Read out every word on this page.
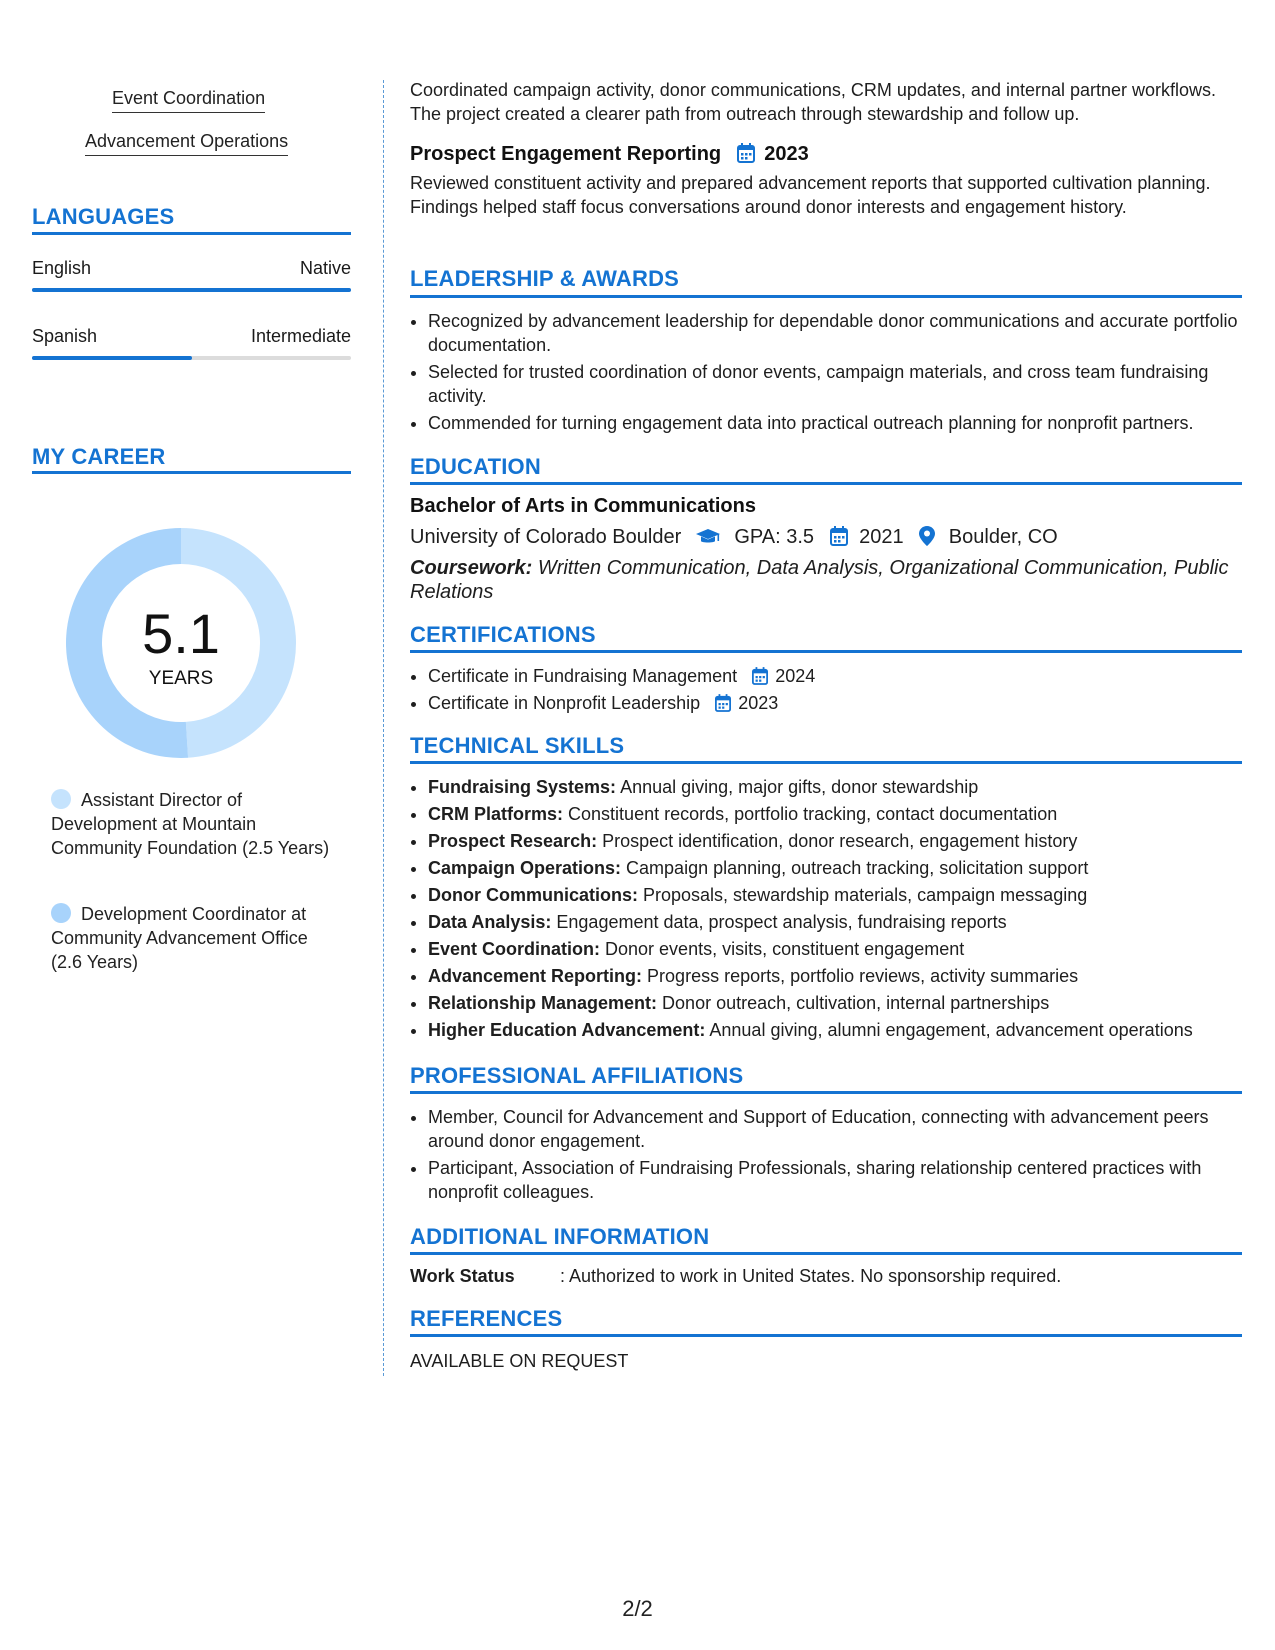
Event Coordination
Advancement Operations
LANGUAGES
English	Native
Spanish	Intermediate
MY CAREER
5.1
YEARS
Assistant Director of Development at Mountain Community Foundation (2.5 Years)
Development Coordinator at Community Advancement Office (2.6 Years)

Coordinated campaign activity, donor communications, CRM updates, and internal partner workflows. The project created a clearer path from outreach through stewardship and follow up.

Prospect Engagement Reporting 2023

Reviewed constituent activity and prepared advancement reports that supported cultivation planning. Findings helped staff focus conversations around donor interests and engagement history.

LEADERSHIP & AWARDS
• Recognized by advancement leadership for dependable donor communications and accurate portfolio documentation.
• Selected for trusted coordination of donor events, campaign materials, and cross team fundraising activity.
• Commended for turning engagement data into practical outreach planning for nonprofit partners.
EDUCATION
Bachelor of Arts in Communications
University of Colorado Boulder	GPA: 3.5 2021 Boulder, CO
Coursework: Written Communication, Data Analysis, Organizational Communication, Public Relations
CERTIFICATIONS
• Certificate in Fundraising Management 2024
• Certificate in Nonprofit Leadership 2023
TECHNICAL SKILLS
• Fundraising Systems: Annual giving, major gifts, donor stewardship
• CRM Platforms: Constituent records, portfolio tracking, contact documentation
• Prospect Research: Prospect identification, donor research, engagement history
• Campaign Operations: Campaign planning, outreach tracking, solicitation support
• Donor Communications: Proposals, stewardship materials, campaign messaging
• Data Analysis: Engagement data, prospect analysis, fundraising reports
• Event Coordination: Donor events, visits, constituent engagement
• Advancement Reporting: Progress reports, portfolio reviews, activity summaries
• Relationship Management: Donor outreach, cultivation, internal partnerships
• Higher Education Advancement: Annual giving, alumni engagement, advancement operations
PROFESSIONAL AFFILIATIONS
• Member, Council for Advancement and Support of Education, connecting with advancement peers around donor engagement.
• Participant, Association of Fundraising Professionals, sharing relationship centered practices with nonprofit colleagues.
ADDITIONAL INFORMATION
Work Status	: Authorized to work in United States. No sponsorship required.
REFERENCES
AVAILABLE ON REQUEST
2/2
